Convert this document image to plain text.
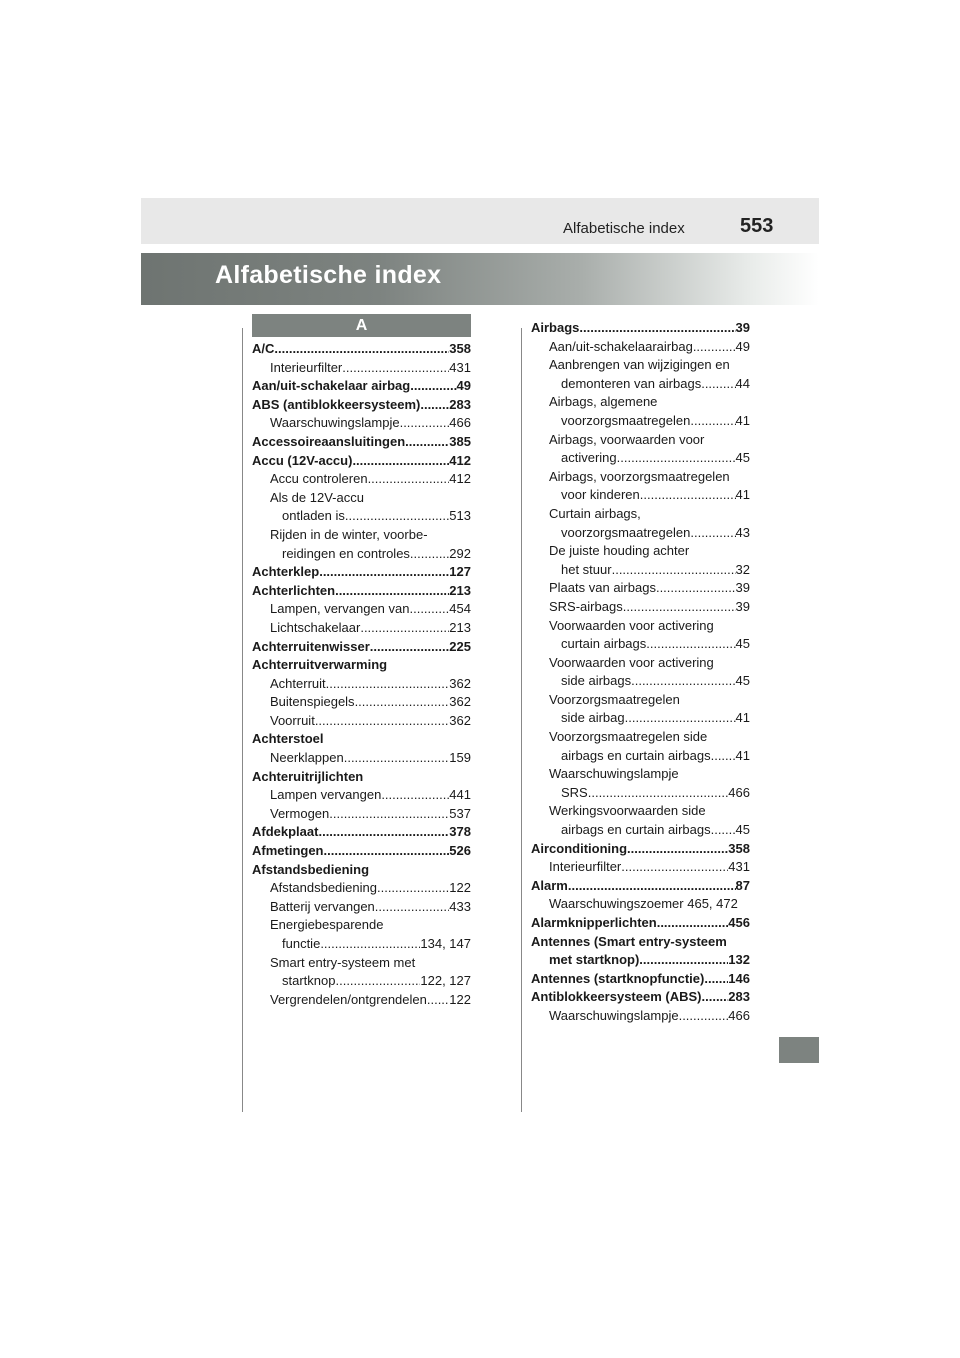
Alfabetische index	553
Alfabetische index
A
A/C .....	358
Interieurfilter .....	431
Aan/uit-schakelaar airbag .....	49
ABS (antiblokkeersysteem) ..... 283
Waarschuwingslampje .....	466
Accessoireaansluitingen .....	385
Accu (12V-accu) .....	412
Accu controleren .....	412
Als de 12V-accu
ontladen is .....	513
Rijden in de winter, voorbe-
reidingen en controles .....	292
Achterklep .....	127
Achterlichten .....	213
Lampen, vervangen van .....	454
Lichtschakelaar .....	213
Achterruitenwisser .....	225
Achterruitverwarming
Achterruit .....	362
Buitenspiegels .....	362
Voorruit .....	362
Achterstoel
Neerklappen .....	159
Achteruitrijlichten
Lampen vervangen .....	441
Vermogen .....	537
Afdekplaat .....	378
Afmetingen .....	526
Afstandsbediening
Afstandsbediening .....	122
Batterij vervangen .....	433
Energiebesparende
functie .....	134, 147
Smart entry-systeem met
startknop .....	122, 127
Vergrendelen/ontgrendelen ..... 122
Airbags .....	39
Aan/uit-schakelaarairbag .....	49
Aanbrengen van wijzigingen en
demonteren van airbags .....	44
Airbags, algemene
voorzorgsmaatregelen .....	41
Airbags, voorwaarden voor
activering .....	45
Airbags, voorzorgsmaatregelen
voor kinderen .....	41
Curtain airbags,
voorzorgsmaatregelen .....	43
De juiste houding achter
het stuur .....	32
Plaats van airbags .....	39
SRS-airbags .....	39
Voorwaarden voor activering
curtain airbags .....	45
Voorwaarden voor activering
side airbags .....	45
Voorzorgsmaatregelen
side airbag .....	41
Voorzorgsmaatregelen side
airbags en curtain airbags ..... 41
Waarschuwingslampje
SRS .....	466
Werkingsvoorwaarden side
airbags en curtain airbags ..... 45
Airconditioning .....	358
Interieurfilter .....	431
Alarm .....	87
Waarschuwingszoemer 465, 472
Alarmknipperlichten .....	456
Antennes (Smart entry-systeem
met startknop) .....	132
Antennes (startknopfunctie) ..... 146
Antiblokkeersysteem (ABS) ..... 283
Waarschuwingslampje .....	466
